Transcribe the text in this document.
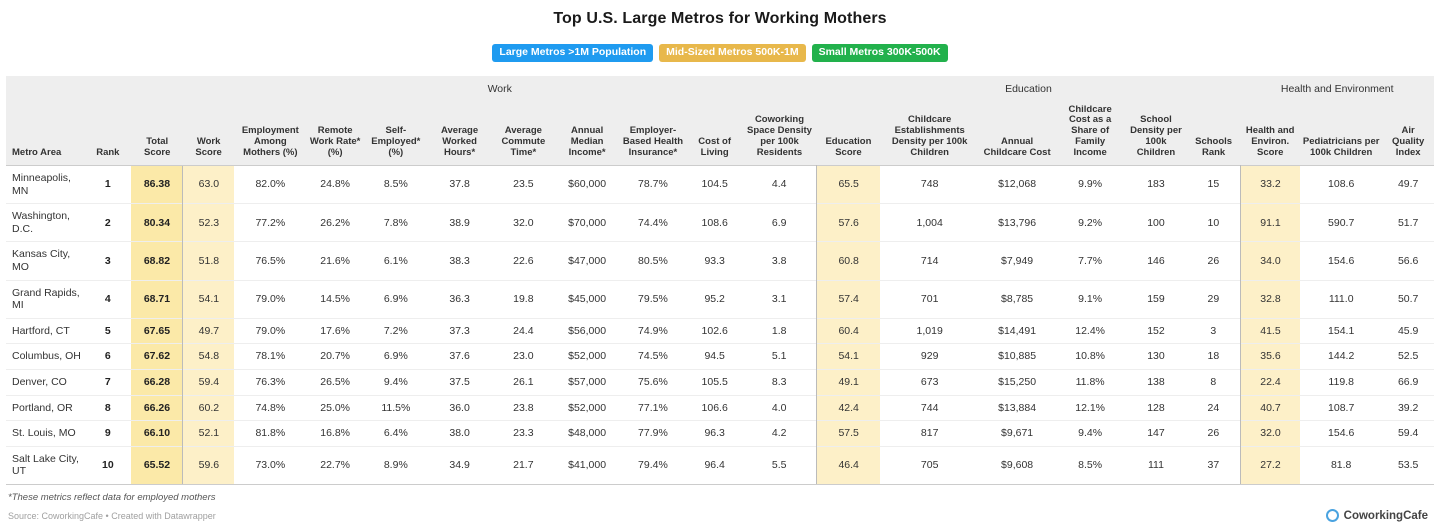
Top U.S. Large Metros for Working Mothers
Large Metros >1M Population	Mid-Sized Metros 500K-1M	Small Metros 300K-500K
			Work										Education						Health and Environment		
Metro Area	Rank	Total Score	Work Score	Employment Among Mothers (%)	Remote Work Rate* (%)	Self-Employed* (%)	Average Worked Hours*	Average Commute Time*	Annual Median Income*	Employer-Based Health Insurance*	Cost of Living	Coworking Space Density per 100k Residents	Education Score	Childcare Establishments Density per 100k Children	Annual Childcare Cost	Childcare Cost as a Share of Family Income	School Density per 100k Children	Schools Rank	Health and Environ. Score	Pediatricians per 100k Children	Air Quality Index
Minneapolis, MN	1	86.38	63.0	82.0%	24.8%	8.5%	37.8	23.5	$60,000	78.7%	104.5	4.4	65.5	748	$12,068	9.9%	183	15	33.2	108.6	49.7
Washington, D.C.	2	80.34	52.3	77.2%	26.2%	7.8%	38.9	32.0	$70,000	74.4%	108.6	6.9	57.6	1,004	$13,796	9.2%	100	10	91.1	590.7	51.7
Kansas City, MO	3	68.82	51.8	76.5%	21.6%	6.1%	38.3	22.6	$47,000	80.5%	93.3	3.8	60.8	714	$7,949	7.7%	146	26	34.0	154.6	56.6
Grand Rapids, MI	4	68.71	54.1	79.0%	14.5%	6.9%	36.3	19.8	$45,000	79.5%	95.2	3.1	57.4	701	$8,785	9.1%	159	29	32.8	111.0	50.7
Hartford, CT	5	67.65	49.7	79.0%	17.6%	7.2%	37.3	24.4	$56,000	74.9%	102.6	1.8	60.4	1,019	$14,491	12.4%	152	3	41.5	154.1	45.9
Columbus, OH	6	67.62	54.8	78.1%	20.7%	6.9%	37.6	23.0	$52,000	74.5%	94.5	5.1	54.1	929	$10,885	10.8%	130	18	35.6	144.2	52.5
Denver, CO	7	66.28	59.4	76.3%	26.5%	9.4%	37.5	26.1	$57,000	75.6%	105.5	8.3	49.1	673	$15,250	11.8%	138	8	22.4	119.8	66.9
Portland, OR	8	66.26	60.2	74.8%	25.0%	11.5%	36.0	23.8	$52,000	77.1%	106.6	4.0	42.4	744	$13,884	12.1%	128	24	40.7	108.7	39.2
St. Louis, MO	9	66.10	52.1	81.8%	16.8%	6.4%	38.0	23.3	$48,000	77.9%	96.3	4.2	57.5	817	$9,671	9.4%	147	26	32.0	154.6	59.4
Salt Lake City, UT	10	65.52	59.6	73.0%	22.7%	8.9%	34.9	21.7	$41,000	79.4%	96.4	5.5	46.4	705	$9,608	8.5%	111	37	27.2	81.8	53.5
*These metrics reflect data for employed mothers
Source: CoworkingCafe • Created with Datawrapper	CoworkingCafe
